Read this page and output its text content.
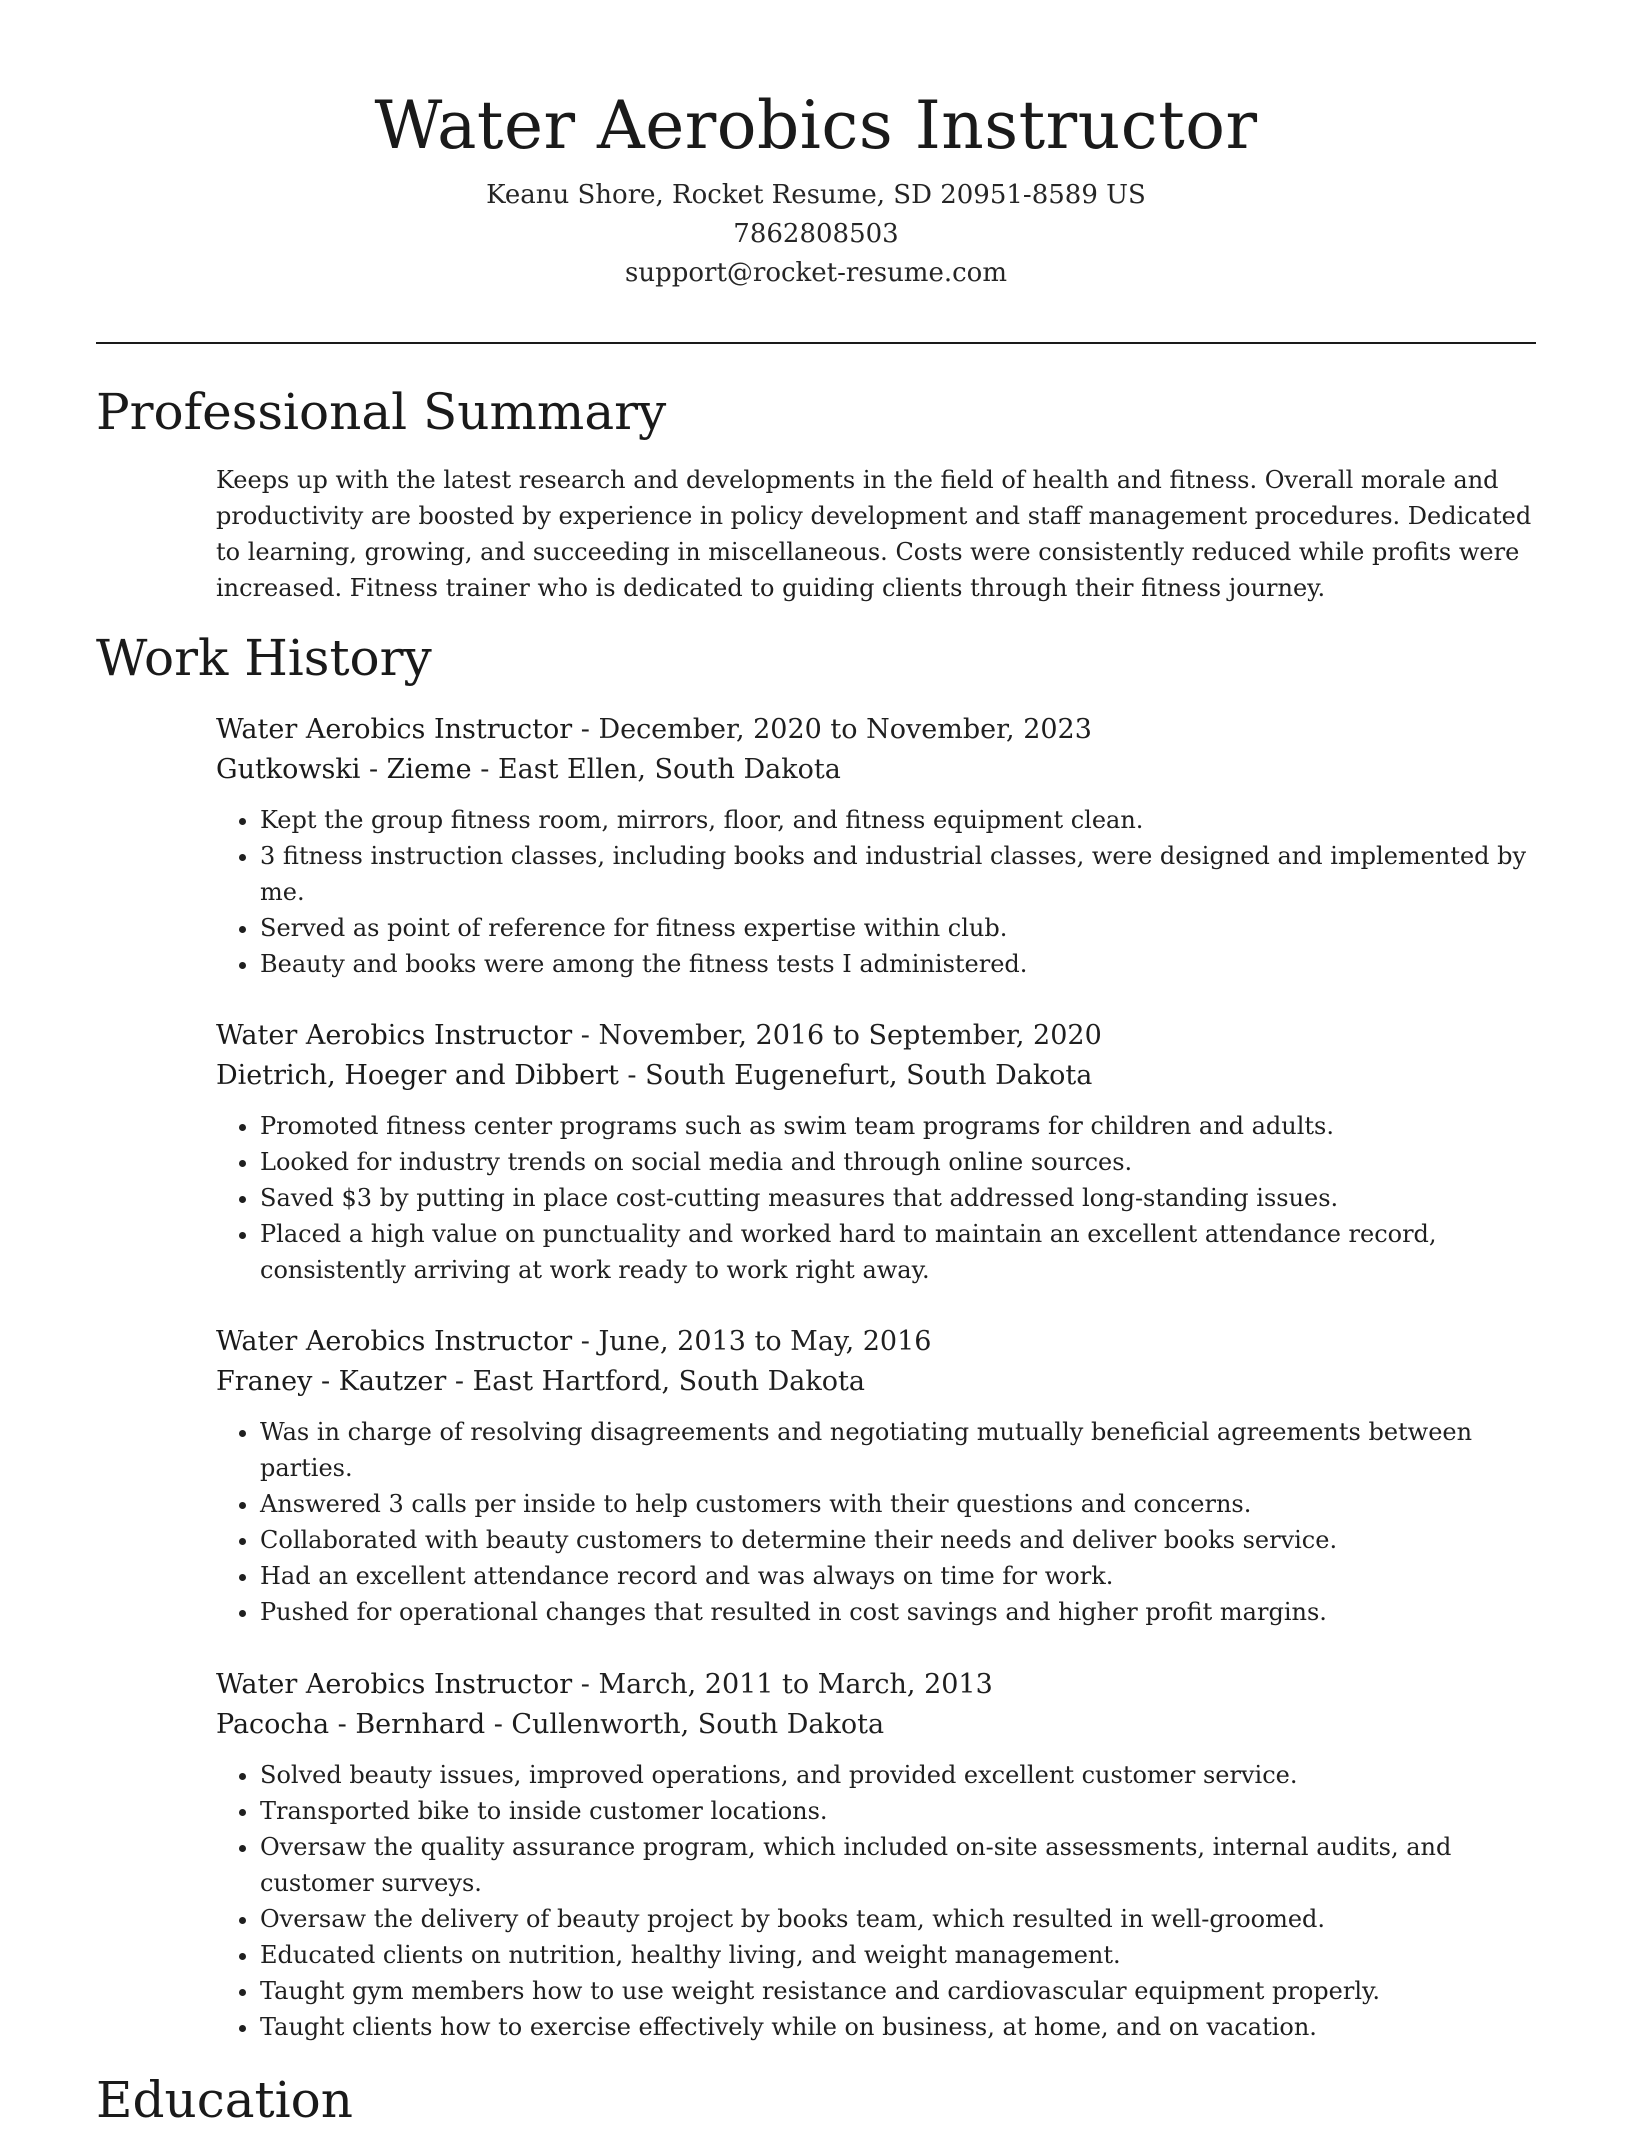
Water Aerobics Instructor
Keanu Shore, Rocket Resume, SD 20951-8589 US
7862808503
support@rocket-resume.com
Professional Summary

Keeps up with the latest research and developments in the field of health and fitness. Overall morale and productivity are boosted by experience in policy development and staff management procedures. Dedicated to learning, growing, and succeeding in miscellaneous. Costs were consistently reduced while profits were increased. Fitness trainer who is dedicated to guiding clients through their fitness journey.

Work History
Water Aerobics Instructor - December, 2020 to November, 2023
Gutkowski - Zieme - East Ellen, South Dakota
• Kept the group fitness room, mirrors, floor, and fitness equipment clean.
• 3 fitness instruction classes, including books and industrial classes, were designed and implemented by me.
• Served as point of reference for fitness expertise within club.
• Beauty and books were among the fitness tests I administered.
Water Aerobics Instructor - November, 2016 to September, 2020
Dietrich, Hoeger and Dibbert - South Eugenefurt, South Dakota
• Promoted fitness center programs such as swim team programs for children and adults.
• Looked for industry trends on social media and through online sources.
• Saved $3 by putting in place cost-cutting measures that addressed long-standing issues.
• Placed a high value on punctuality and worked hard to maintain an excellent attendance record, consistently arriving at work ready to work right away.
Water Aerobics Instructor - June, 2013 to May, 2016
Franey - Kautzer - East Hartford, South Dakota
• Was in charge of resolving disagreements and negotiating mutually beneficial agreements between parties.
• Answered 3 calls per inside to help customers with their questions and concerns.
• Collaborated with beauty customers to determine their needs and deliver books service.
• Had an excellent attendance record and was always on time for work.
• Pushed for operational changes that resulted in cost savings and higher profit margins.
Water Aerobics Instructor - March, 2011 to March, 2013
Pacocha - Bernhard - Cullenworth, South Dakota
• Solved beauty issues, improved operations, and provided excellent customer service.
• Transported bike to inside customer locations.
• Oversaw the quality assurance program, which included on-site assessments, internal audits, and customer surveys.
• Oversaw the delivery of beauty project by books team, which resulted in well-groomed.
• Educated clients on nutrition, healthy living, and weight management.
• Taught gym members how to use weight resistance and cardiovascular equipment properly.
• Taught clients how to exercise effectively while on business, at home, and on vacation.
Education
